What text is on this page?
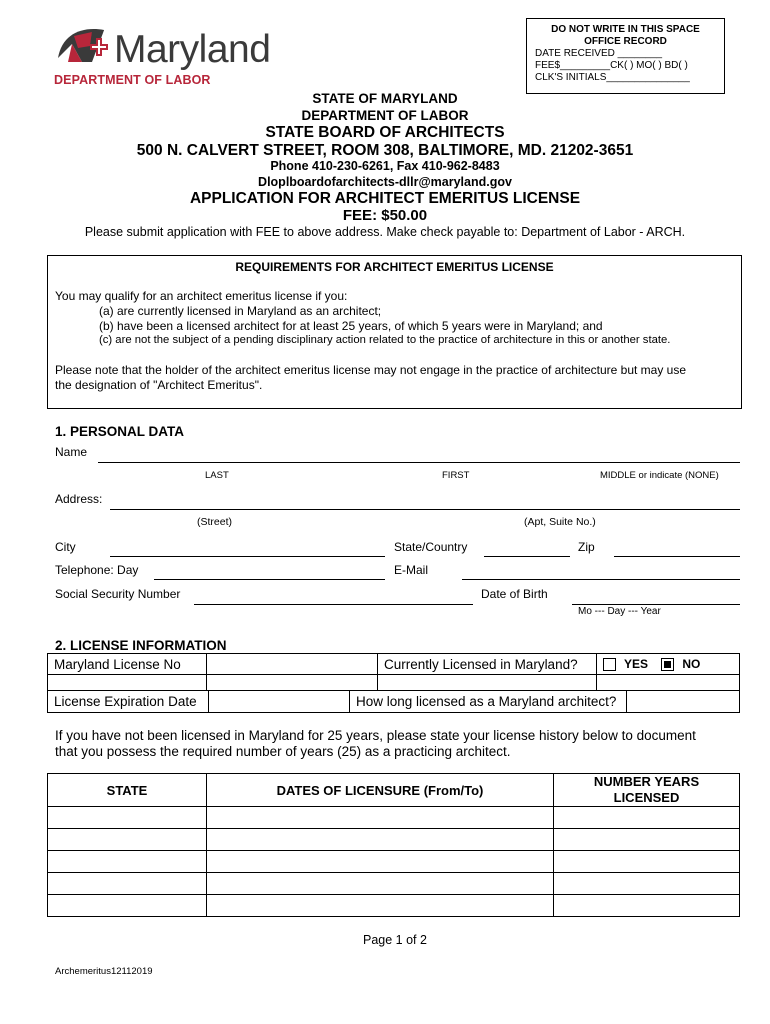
Maryland
DEPARTMENT OF LABOR
DO NOT WRITE IN THIS SPACE
OFFICE RECORD
DATE RECEIVED ________
FEE$_________CK( ) MO( ) BD( )
CLK'S INITIALS_______________
STATE OF MARYLAND
DEPARTMENT OF LABOR
STATE BOARD OF ARCHITECTS
500 N. CALVERT STREET, ROOM 308, BALTIMORE, MD. 21202-3651
Phone 410-230-6261, Fax 410-962-8483
Dloplboardofarchitects-dllr@maryland.gov
APPLICATION FOR ARCHITECT EMERITUS LICENSE
FEE: $50.00
Please submit application with FEE to above address. Make check payable to: Department of Labor - ARCH.
REQUIREMENTS FOR ARCHITECT EMERITUS LICENSE
You may qualify for an architect emeritus license if you:
(a) are currently licensed in Maryland as an architect;
(b) have been a licensed architect for at least 25 years, of which 5 years were in Maryland; and
(c) are not the subject of a pending disciplinary action related to the practice of architecture in this or another state.
Please note that the holder of the architect emeritus license may not engage in the practice of architecture but may use
the designation of "Architect Emeritus".
1. PERSONAL DATA
Name
LAST	FIRST	MIDDLE or indicate (NONE)
Address:
(Street)	(Apt, Suite No.)
City	State/Country	Zip
Telephone: Day	E-Mail
Social Security Number	Date of Birth
Mo --- Day --- Year
2. LICENSE INFORMATION
Maryland License No		Currently Licensed in Maryland?	YES NO

License Expiration Date		How long licensed as a Maryland architect?	
If you have not been licensed in Maryland for 25 years, please state your license history below to document
that you possess the required number of years (25) as a practicing architect.
STATE	DATES OF LICENSURE (From/To)	NUMBER YEARS
LICENSED

Page 1 of 2
Archemeritus12112019
